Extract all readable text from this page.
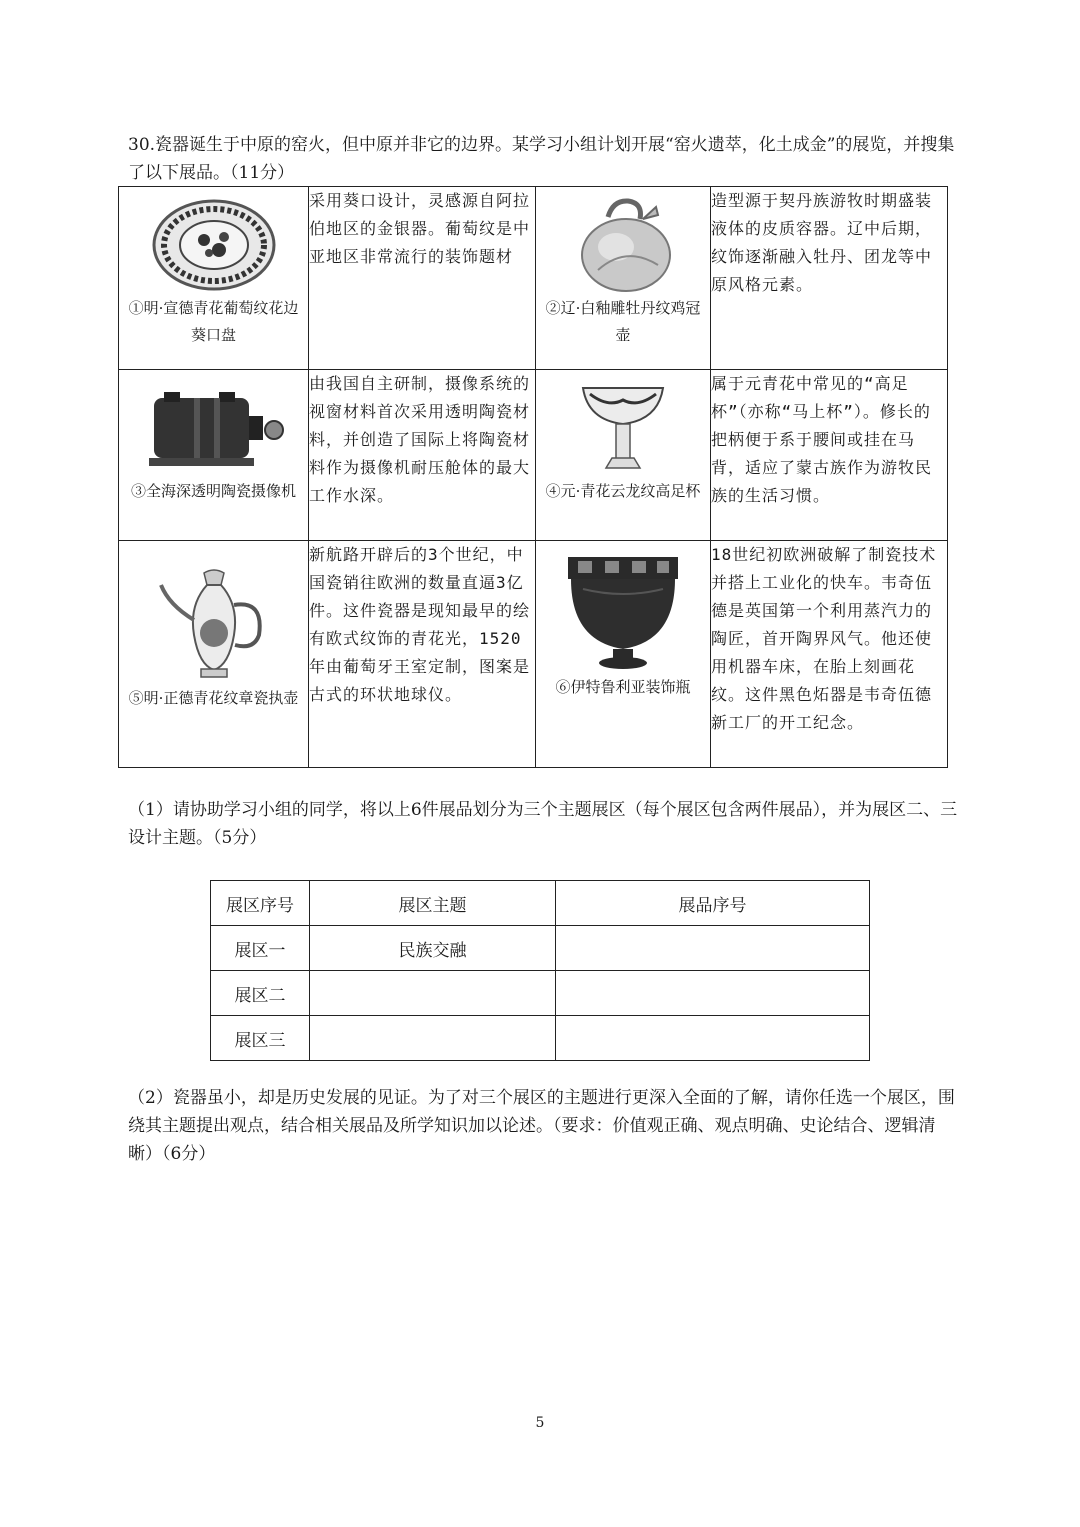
30.瓷器诞生于中原的窑火，但中原并非它的边界。某学习小组计划开展“窑火遗萃，化土成金”的展览，并搜集了以下展品。（11分）

①明·宣德青花葡萄纹花边葵口盘	采用葵口设计，灵感源自阿拉伯地区的金银器。葡萄纹是中亚地区非常流行的装饰题材	②辽·白釉雕牡丹纹鸡冠壶	造型源于契丹族游牧时期盛装液体的皮质容器。辽中后期，纹饰逐渐融入牡丹、团龙等中原风格元素。

③全海深透明陶瓷摄像机	由我国自主研制，摄像系统的视窗材料首次采用透明陶瓷材料，并创造了国际上将陶瓷材料作为摄像机耐压舱体的最大工作水深。	④元·青花云龙纹高足杯	属于元青花中常见的“高足杯”（亦称“马上杯”）。修长的把柄便于系于腰间或挂在马背，适应了蒙古族作为游牧民族的生活习惯。

⑤明·正德青花纹章瓷执壶	新航路开辟后的3个世纪，中国瓷销往欧洲的数量直逼3亿件。这件瓷器是现知最早的绘有欧式纹饰的青花光，1520年由葡萄牙王室定制，图案是古式的环状地球仪。	⑥伊特鲁利亚装饰瓶	18世纪初欧洲破解了制瓷技术并搭上工业化的快车。韦奇伍德是英国第一个利用蒸汽力的陶匠，首开陶界风气。他还使用机器车床，在胎上刻画花纹。这件黑色炻器是韦奇伍德新工厂的开工纪念。

（1）请协助学习小组的同学，将以上6件展品划分为三个主题展区（每个展区包含两件展品），并为展区二、三设计主题。（5分）

展区序号	展区主题	展品序号
展区一	民族交融	
展区二		
展区三		

（2）瓷器虽小，却是历史发展的见证。为了对三个展区的主题进行更深入全面的了解，请你任选一个展区，围绕其主题提出观点，结合相关展品及所学知识加以论述。（要求：价值观正确、观点明确、史论结合、逻辑清晰）（6分）

5
